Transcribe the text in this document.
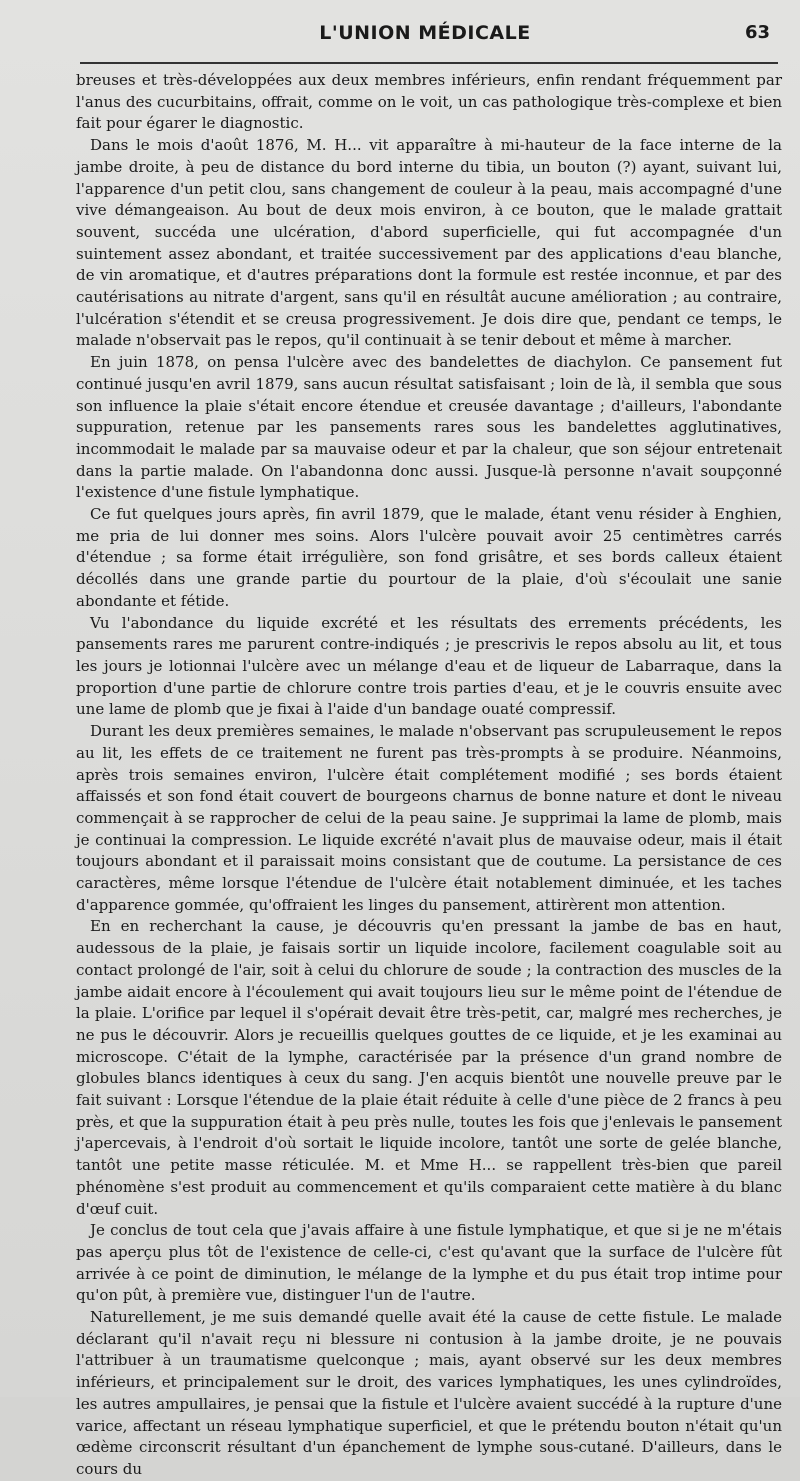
L'UNION MÉDICALE	63

breuses et très-développées aux deux membres inférieurs, enfin rendant fréquemment par l'anus des cucurbitains, offrait, comme on le voit, un cas pathologique très-complexe et bien fait pour égarer le diagnostic.

Dans le mois d'août 1876, M. H... vit apparaître à mi-hauteur de la face interne de la jambe droite, à peu de distance du bord interne du tibia, un bouton (?) ayant, suivant lui, l'apparence d'un petit clou, sans changement de couleur à la peau, mais accompagné d'une vive démangeaison. Au bout de deux mois environ, à ce bouton, que le malade grattait souvent, succéda une ulcération, d'abord superficielle, qui fut accompagnée d'un suintement assez abondant, et traitée successivement par des applications d'eau blanche, de vin aromatique, et d'autres préparations dont la formule est restée inconnue, et par des cautérisations au nitrate d'argent, sans qu'il en résultât aucune amélioration ; au contraire, l'ulcération s'étendit et se creusa progressivement. Je dois dire que, pendant ce temps, le malade n'observait pas le repos, qu'il continuait à se tenir debout et même à marcher.

En juin 1878, on pensa l'ulcère avec des bandelettes de diachylon. Ce pansement fut continué jusqu'en avril 1879, sans aucun résultat satisfaisant ; loin de là, il sembla que sous son influence la plaie s'était encore étendue et creusée davantage ; d'ailleurs, l'abondante suppuration, retenue par les pansements rares sous les bandelettes agglutinatives, incommodait le malade par sa mauvaise odeur et par la chaleur, que son séjour entretenait dans la partie malade. On l'abandonna donc aussi. Jusque-là personne n'avait soupçonné l'existence d'une fistule lymphatique.

Ce fut quelques jours après, fin avril 1879, que le malade, étant venu résider à Enghien, me pria de lui donner mes soins. Alors l'ulcère pouvait avoir 25 centimètres carrés d'étendue ; sa forme était irrégulière, son fond grisâtre, et ses bords calleux étaient décollés dans une grande partie du pourtour de la plaie, d'où s'écoulait une sanie abondante et fétide.

Vu l'abondance du liquide excrété et les résultats des errements précédents, les pansements rares me parurent contre-indiqués ; je prescrivis le repos absolu au lit, et tous les jours je lotionnai l'ulcère avec un mélange d'eau et de liqueur de Labarraque, dans la proportion d'une partie de chlorure contre trois parties d'eau, et je le couvris ensuite avec une lame de plomb que je fixai à l'aide d'un bandage ouaté compressif.

Durant les deux premières semaines, le malade n'observant pas scrupuleusement le repos au lit, les effets de ce traitement ne furent pas très-prompts à se produire. Néanmoins, après trois semaines environ, l'ulcère était complétement modifié ; ses bords étaient affaissés et son fond était couvert de bourgeons charnus de bonne nature et dont le niveau commençait à se rapprocher de celui de la peau saine. Je supprimai la lame de plomb, mais je continuai la compression. Le liquide excrété n'avait plus de mauvaise odeur, mais il était toujours abondant et il paraissait moins consistant que de coutume. La persistance de ces caractères, même lorsque l'étendue de l'ulcère était notablement diminuée, et les taches d'apparence gommée, qu'offraient les linges du pansement, attirèrent mon attention.

En en recherchant la cause, je découvris qu'en pressant la jambe de bas en haut, audessous de la plaie, je faisais sortir un liquide incolore, facilement coagulable soit au contact prolongé de l'air, soit à celui du chlorure de soude ; la contraction des muscles de la jambe aidait encore à l'écoulement qui avait toujours lieu sur le même point de l'étendue de la plaie. L'orifice par lequel il s'opérait devait être très-petit, car, malgré mes recherches, je ne pus le découvrir. Alors je recueillis quelques gouttes de ce liquide, et je les examinai au microscope. C'était de la lymphe, caractérisée par la présence d'un grand nombre de globules blancs identiques à ceux du sang. J'en acquis bientôt une nouvelle preuve par le fait suivant : Lorsque l'étendue de la plaie était réduite à celle d'une pièce de 2 francs à peu près, et que la suppuration était à peu près nulle, toutes les fois que j'enlevais le pansement j'apercevais, à l'endroit d'où sortait le liquide incolore, tantôt une sorte de gelée blanche, tantôt une petite masse réticulée. M. et Mme H... se rappellent très-bien que pareil phénomène s'est produit au commencement et qu'ils comparaient cette matière à du blanc d'œuf cuit.

Je conclus de tout cela que j'avais affaire à une fistule lymphatique, et que si je ne m'étais pas aperçu plus tôt de l'existence de celle-ci, c'est qu'avant que la surface de l'ulcère fût arrivée à ce point de diminution, le mélange de la lymphe et du pus était trop intime pour qu'on pût, à première vue, distinguer l'un de l'autre.

Naturellement, je me suis demandé quelle avait été la cause de cette fistule. Le malade déclarant qu'il n'avait reçu ni blessure ni contusion à la jambe droite, je ne pouvais l'attribuer à un traumatisme quelconque ; mais, ayant observé sur les deux membres inférieurs, et principalement sur le droit, des varices lymphatiques, les unes cylindroïdes, les autres ampullaires, je pensai que la fistule et l'ulcère avaient succédé à la rupture d'une varice, affectant un réseau lymphatique superficiel, et que le prétendu bouton n'était qu'un œdème circonscrit résultant d'un épanchement de lymphe sous-cutané. D'ailleurs, dans le cours du
